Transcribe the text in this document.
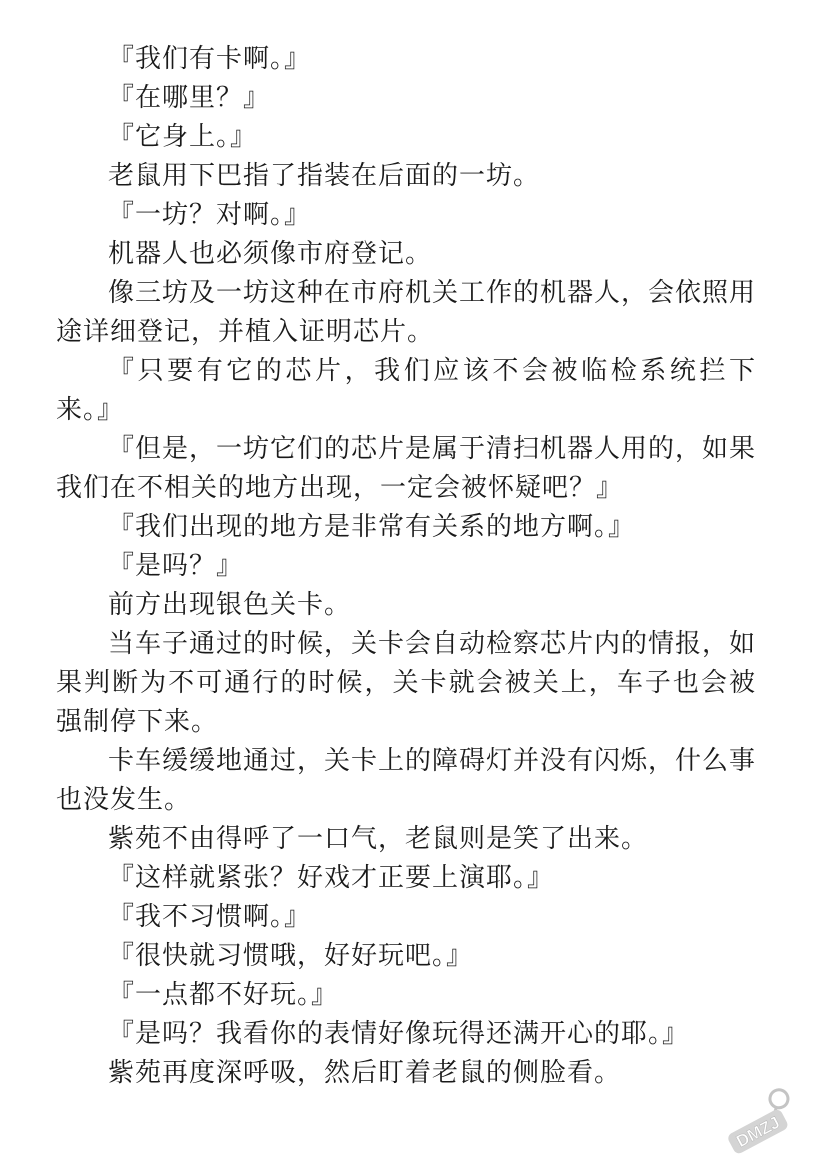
『我们有卡啊。』

『在哪里？』

『它身上。』

老鼠用下巴指了指装在后面的一坊。

『一坊？对啊。』

机器人也必须像市府登记。

像三坊及一坊这种在市府机关工作的机器人，会依照用途详细登记，并植入证明芯片。

『只要有它的芯片，我们应该不会被临检系统拦下来。』

『但是，一坊它们的芯片是属于清扫机器人用的，如果我们在不相关的地方出现，一定会被怀疑吧？』

『我们出现的地方是非常有关系的地方啊。』

『是吗？』

前方出现银色关卡。

当车子通过的时候，关卡会自动检察芯片内的情报，如果判断为不可通行的时候，关卡就会被关上，车子也会被强制停下来。

卡车缓缓地通过，关卡上的障碍灯并没有闪烁，什么事也没发生。

紫苑不由得呼了一口气，老鼠则是笑了出来。

『这样就紧张？好戏才正要上演耶。』

『我不习惯啊。』

『很快就习惯哦，好好玩吧。』

『一点都不好玩。』

『是吗？我看你的表情好像玩得还满开心的耶。』

紫苑再度深呼吸，然后盯着老鼠的侧脸看。

DMZJ
